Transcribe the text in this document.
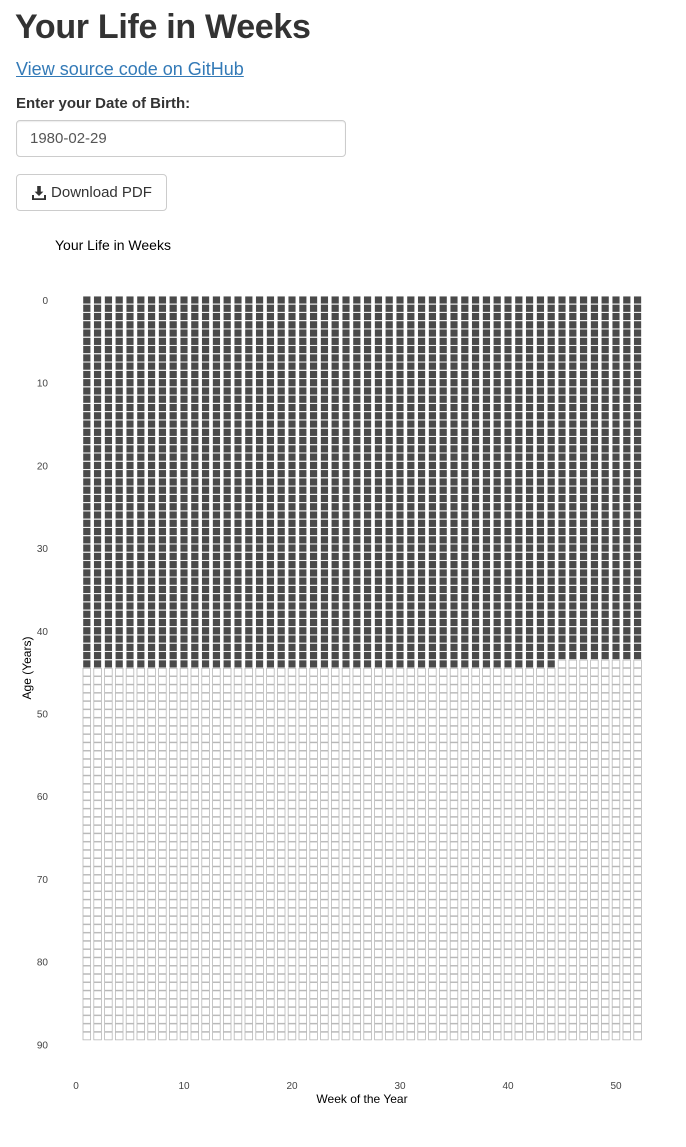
Your Life in Weeks
View source code on GitHub
Enter your Date of Birth:
1980-02-29
Download PDF
Your Life in Weeks
0
10
20
30
40
50
60
70
80
90
0	10	20	30	40	50
Week of the Year
Age (Years)
